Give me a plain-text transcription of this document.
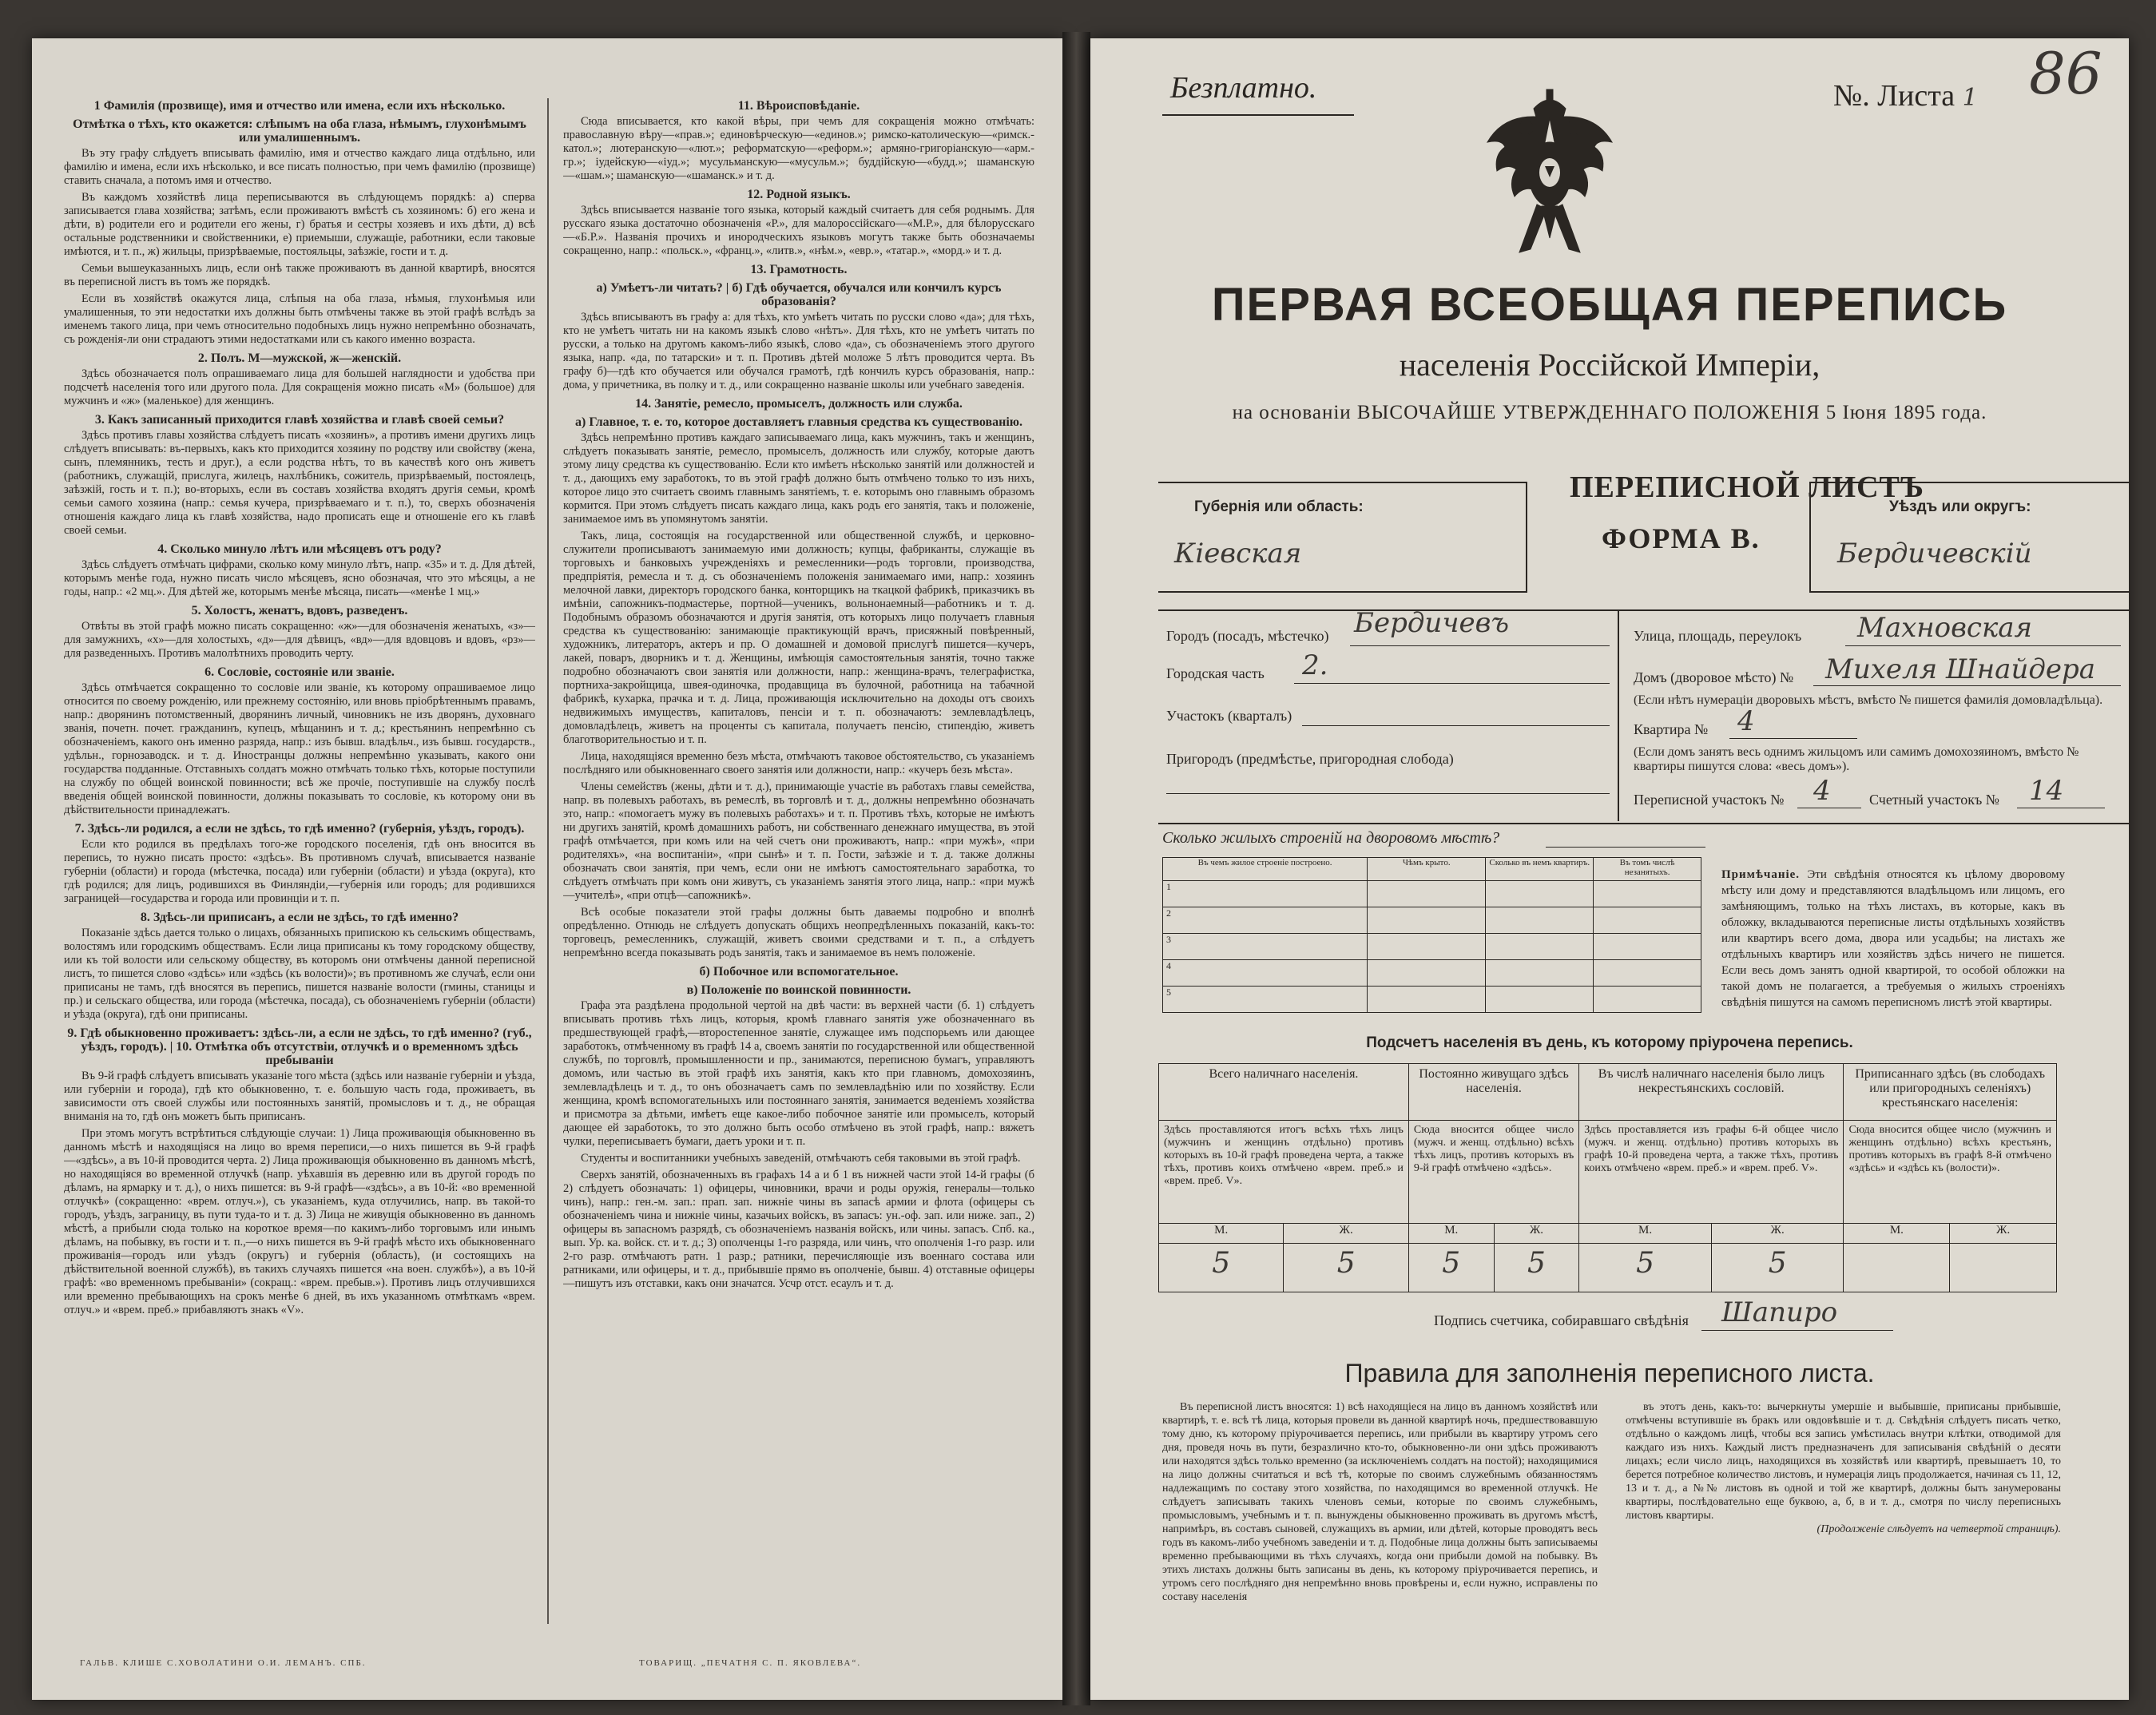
1 Фамилія (прозвище), имя и отчество или имена, если ихъ нѣсколько.
Отмѣтка о тѣхъ, кто окажется: слѣпымъ на оба глаза, нѣмымъ, глухонѣмымъ или умалишеннымъ.

Въ эту графу слѣдуетъ вписывать фамилію, имя и отчество каждаго лица отдѣльно, или фамилію и имена, если ихъ нѣсколько, и все писать полностью, при чемъ фамилію (прозвище) ставить сначала, а потомъ имя и отчество.

Въ каждомъ хозяйствѣ лица переписываются въ слѣдующемъ порядкѣ: а) сперва записывается глава хозяйства; затѣмъ, если проживаютъ вмѣстѣ съ хозяиномъ: б) его жена и дѣти, в) родители его и родители его жены, г) братья и сестры хозяевъ и ихъ дѣти, д) всѣ остальные родственники и свойственники, е) приемыши, служащіе, работники, если таковые имѣются, и т. п., ж) жильцы, призрѣваемые, постояльцы, заѣзжіе, гости и т. д.

Семьи вышеуказанныхъ лицъ, если онѣ также проживаютъ въ данной квартирѣ, вносятся въ переписной листъ въ томъ же порядкѣ.

Если въ хозяйствѣ окажутся лица, слѣпыя на оба глаза, нѣмыя, глухонѣмыя или умалишенныя, то эти недостатки ихъ должны быть отмѣчены также въ этой графѣ вслѣдъ за именемъ такого лица, при чемъ относительно подобныхъ лицъ нужно непремѣнно обозначать, съ рожденія-ли они страдаютъ этими недостатками или съ какого именно возраста.

2. Полъ. М—мужской, ж—женскій.

Здѣсь обозначается полъ опрашиваемаго лица для большей наглядности и удобства при подсчетѣ населенія того или другого пола. Для сокращенія можно писать «М» (большое) для мужчинъ и «ж» (маленькое) для женщинъ.

3. Какъ записанный приходится главѣ хозяйства и главѣ своей семьи?

Здѣсь противъ главы хозяйства слѣдуетъ писать «хозяинъ», а противъ имени другихъ лицъ слѣдуетъ вписывать: въ-первыхъ, какъ кто приходится хозяину по родству или свойству (жена, сынъ, племянникъ, тесть и друг.), а если родства нѣтъ, то въ качествѣ кого онъ живетъ (работникъ, служащій, прислуга, жилецъ, нахлѣбникъ, сожитель, призрѣваемый, постоялецъ, заѣзжій, гость и т. п.); во-вторыхъ, если въ составъ хозяйства входятъ другія семьи, кромѣ семьи самого хозяина (напр.: семья кучера, призрѣваемаго и т. п.), то, сверхъ обозначенія отношенія каждаго лица къ главѣ хозяйства, надо прописать еще и отношеніе его къ главѣ своей семьи.

4. Сколько минуло лѣтъ или мѣсяцевъ отъ роду?

Здѣсь слѣдуетъ отмѣчать цифрами, сколько кому минуло лѣтъ, напр. «35» и т. д. Для дѣтей, которымъ менѣе года, нужно писать число мѣсяцевъ, ясно обозначая, что это мѣсяцы, а не годы, напр.: «2 мц.». Для дѣтей же, которымъ менѣе мѣсяца, писать—«менѣе 1 мц.»

5. Холостъ, женатъ, вдовъ, разведенъ.

Отвѣты въ этой графѣ можно писать сокращенно: «ж»—для обозначенія женатыхъ, «з»—для замужнихъ, «х»—для холостыхъ, «д»—для дѣвицъ, «вд»—для вдовцовъ и вдовъ, «рз»—для разведенныхъ. Противъ малолѣтнихъ проводить черту.

6. Сословіе, состояніе или званіе.

Здѣсь отмѣчается сокращенно то сословіе или званіе, къ которому опрашиваемое лицо относится по своему рожденію, или прежнему состоянію, или вновь пріобрѣтеннымъ правамъ, напр.: дворянинъ потомственный, дворянинъ личный, чиновникъ не изъ дворянъ, духовнаго званія, почетн. почет. гражданинъ, купецъ, мѣщанинъ и т. д.; крестьянинъ непремѣнно съ обозначеніемъ, какого онъ именно разряда, напр.: изъ бывш. владѣльч., изъ бывш. государств., удѣльн., горнозаводск. и т. д. Иностранцы должны непремѣнно указывать, какого они государства подданные. Отставныхъ солдатъ можно отмѣчать только тѣхъ, которые поступили на службу по общей воинской повинности; всѣ же прочіе, поступившіе на службу послѣ введенія общей воинской повинности, должны показывать то сословіе, къ которому они въ дѣйствительности принадлежатъ.

7. Здѣсь-ли родился, а если не здѣсь, то гдѣ именно? (губернія, уѣздъ, городъ).

Если кто родился въ предѣлахъ того-же городского поселенія, гдѣ онъ вносится въ перепись, то нужно писать просто: «здѣсь». Въ противномъ случаѣ, вписывается названіе губерніи (области) и города (мѣстечка, посада) или губерніи (области) и уѣзда (округа), кто гдѣ родился; для лицъ, родившихся въ Финляндіи,—губернія или городъ; для родившихся заграницей—государства и города или провинціи и т. п.

8. Здѣсь-ли приписанъ, а если не здѣсь, то гдѣ именно?

Показаніе здѣсь дается только о лицахъ, обязанныхъ припискою къ сельскимъ обществамъ, волостямъ или городскимъ обществамъ. Если лица приписаны къ тому городскому обществу, или къ той волости или сельскому обществу, въ которомъ они отмѣчены данной переписной листъ, то пишется слово «здѣсь» или «здѣсь (къ волости)»; въ противномъ же случаѣ, если они приписаны не тамъ, гдѣ вносятся въ перепись, пишется названіе волости (гмины, станицы и пр.) и сельскаго общества, или города (мѣстечка, посада), съ обозначеніемъ губерніи (области) и уѣзда (округа), гдѣ они приписаны.

9. Гдѣ обыкновенно проживаетъ: здѣсь-ли, а если не здѣсь, то гдѣ именно? (губ., уѣздъ, городъ). | 10. Отмѣтка объ отсутствіи, отлучкѣ и о временномъ здѣсь пребываніи

Въ 9-й графѣ слѣдуетъ вписывать указаніе того мѣста (здѣсь или названіе губерніи и уѣзда, или губерніи и города), гдѣ кто обыкновенно, т. е. большую часть года, проживаетъ, въ зависимости отъ своей службы или постоянныхъ занятій, промысловъ и т. д., не обращая вниманія на то, гдѣ онъ можетъ быть приписанъ.

При этомъ могутъ встрѣтиться слѣдующіе случаи: 1) Лица проживающія обыкновенно въ данномъ мѣстѣ и находящіяся на лицо во время переписи,—о нихъ пишется въ 9-й графѣ—«здѣсь», а въ 10-й проводится черта. 2) Лица проживающія обыкновенно въ данномъ мѣстѣ, но находящіяся во временной отлучкѣ (напр. уѣхавшія въ деревню или въ другой городъ по дѣламъ, на ярмарку и т. д.), о нихъ пишется: въ 9-й графѣ—«здѣсь», а въ 10-й: «во временной отлучкѣ» (сокращенно: «врем. отлуч.»), съ указаніемъ, куда отлучились, напр. въ такой-то городъ, уѣздъ, заграницу, въ пути туда-то и т. д. 3) Лица не живущія обыкновенно въ данномъ мѣстѣ, а прибыли сюда только на короткое время—по какимъ-либо торговымъ или инымъ дѣламъ, на побывку, въ гости и т. п.,—о нихъ пишется въ 9-й графѣ мѣсто ихъ обыкновеннаго проживанія—городъ или уѣздъ (округъ) и губернія (область), (и состоящихъ на дѣйствительной военной службѣ), въ такихъ случаяхъ пишется «на воен. службѣ»), а въ 10-й графѣ: «во временномъ пребываніи» (сокращ.: «врем. пребыв.»). Противъ лицъ отлучившихся или временно пребывающихъ на срокъ менѣе 6 дней, въ ихъ указанномъ отмѣткамъ «врем. отлуч.» и «врем. преб.» прибавляютъ знакъ «V».

11. Вѣроисповѣданіе.

Сюда вписывается, кто какой вѣры, при чемъ для сокращенія можно отмѣчать: православную вѣру—«прав.»; единовѣрческую—«единов.»; римско-католическую—«римск.-катол.»; лютеранскую—«лют.»; реформатскую—«реформ.»; армяно-григоріанскую—«арм.-гр.»; іудейскую—«іуд.»; мусульманскую—«мусульм.»; буддійскую—«будд.»; шаманскую—«шам.»; шаманскую—«шаманск.» и т. д.

12. Родной языкъ.

Здѣсь вписывается названіе того языка, который каждый считаетъ для себя роднымъ. Для русскаго языка достаточно обозначенія «Р.», для малороссійскаго—«М.Р.», для бѣлорусскаго—«Б.Р.». Названія прочихъ и инородческихъ языковъ могутъ также быть обозначаемы сокращенно, напр.: «польск.», «франц.», «литв.», «нѣм.», «евр.», «татар.», «морд.» и т. д.

13. Грамотность.
а) Умѣетъ-ли читать? | б) Гдѣ обучается, обучался или кончилъ курсъ образованія?

Здѣсь вписываютъ въ графу а: для тѣхъ, кто умѣетъ читать по русски слово «да»; для тѣхъ, кто не умѣетъ читать ни на какомъ языкѣ слово «нѣтъ». Для тѣхъ, кто не умѣетъ читать по русски, а только на другомъ какомъ-либо языкѣ, слово «да», съ обозначеніемъ этого другого языка, напр. «да, по татарски» и т. п. Противъ дѣтей моложе 5 лѣтъ проводится черта. Въ графу б)—гдѣ кто обучается или обучался грамотѣ, гдѣ кончилъ курсъ образованія, напр.: дома, у причетника, въ полку и т. д., или сокращенно названіе школы или учебнаго заведенія.

14. Занятіе, ремесло, промыселъ, должность или служба.
а) Главное, т. е. то, которое доставляетъ главныя средства къ существованію.

Здѣсь непремѣнно противъ каждаго записываемаго лица, какъ мужчинъ, такъ и женщинъ, слѣдуетъ показывать занятіе, ремесло, промыселъ, должность или службу, которые даютъ этому лицу средства къ существованію. Если кто имѣетъ нѣсколько занятій или должностей и т. д., дающихъ ему заработокъ, то въ этой графѣ должно быть отмѣчено только то изъ нихъ, которое лицо это считаетъ своимъ главнымъ занятіемъ, т. е. которымъ оно главнымъ образомъ кормится. При этомъ слѣдуетъ писать каждаго лица, какъ родъ его занятія, такъ и положеніе, занимаемое имъ въ упомянутомъ занятіи.

Такъ, лица, состоящія на государственной или общественной службѣ, и церковно-служители прописываютъ занимаемую ими должность; купцы, фабриканты, служащіе въ торговыхъ и банковыхъ учрежденіяхъ и ремесленники—родъ торговли, производства, предпріятія, ремесла и т. д. съ обозначеніемъ положенія занимаемаго ими, напр.: хозяинъ мелочной лавки, директоръ городского банка, конторщикъ на ткацкой фабрикѣ, приказчикъ въ имѣніи, сапожникъ-подмастерье, портной—ученикъ, вольнонаемный—работникъ и т. д. Подобнымъ образомъ обозначаются и другія занятія, отъ которыхъ лицо получаетъ главныя средства къ существованію: занимающіе практикующій врачъ, присяжный повѣренный, художникъ, литераторъ, актеръ и пр. О домашней и домовой прислугѣ пишется—кучеръ, лакей, поваръ, дворникъ и т. д. Женщины, имѣющія самостоятельныя занятія, точно также подробно обозначаютъ свои занятія или должности, напр.: женщина-врачъ, телеграфистка, портниха-закройщица, швея-одиночка, продавщица въ булочной, работница на табачной фабрикѣ, кухарка, прачка и т. д. Лица, проживающія исключительно на доходы отъ своихъ недвижимыхъ имуществъ, капиталовъ, пенсіи и т. п. обозначаютъ: землевладѣлецъ, домовладѣлецъ, живетъ на проценты съ капитала, получаетъ пенсію, стипендію, живетъ благотворительностью и т. п.

Лица, находящіяся временно безъ мѣста, отмѣчаютъ таковое обстоятельство, съ указаніемъ послѣдняго или обыкновеннаго своего занятія или должности, напр.: «кучеръ безъ мѣста».

Члены семействъ (жены, дѣти и т. д.), принимающіе участіе въ работахъ главы семейства, напр. въ полевыхъ работахъ, въ ремеслѣ, въ торговлѣ и т. д., должны непремѣнно обозначать это, напр.: «помогаетъ мужу въ полевыхъ работахъ» и т. п. Противъ тѣхъ, которые не имѣютъ ни другихъ занятій, кромѣ домашнихъ работъ, ни собственнаго денежнаго имущества, въ этой графѣ отмѣчается, при комъ или на чей счетъ они проживаютъ, напр.: «при мужѣ», «при родителяхъ», «на воспитаніи», «при сынѣ» и т. п. Гости, заѣзжіе и т. д. также должны обозначать свои занятія, при чемъ, если они не имѣютъ самостоятельнаго заработка, то слѣдуетъ отмѣчать при комъ они живутъ, съ указаніемъ занятія этого лица, напр.: «при мужѣ—учителѣ», «при отцѣ—сапожникѣ».

Всѣ особые показатели этой графы должны быть даваемы подробно и вполнѣ опредѣленно. Отнюдь не слѣдуетъ допускать общихъ неопредѣленныхъ показаній, какъ-то: торговецъ, ремесленникъ, служащій, живетъ своими средствами и т. п., а слѣдуетъ непремѣнно всегда показывать родъ занятія, такъ и занимаемое въ немъ положеніе.

б) Побочное или вспомогательное.
в) Положеніе по воинской повинности.

Графа эта раздѣлена продольной чертой на двѣ части: въ верхней части (б. 1) слѣдуетъ вписывать противъ тѣхъ лицъ, которыя, кромѣ главнаго занятія уже обозначеннаго въ предшествующей графѣ,—второстепенное занятіе, служащее имъ подспорьемъ или дающее заработокъ, отмѣченному въ графѣ 14 а, своемъ занятіи по государственной или общественной службѣ, по торговлѣ, промышленности и пр., занимаются, переписною бумагъ, управляютъ домомъ, или частью въ этой графѣ ихъ занятія, какъ кто при главномъ, домохозяинъ, землевладѣлецъ и т. д., то онъ обозначаетъ самъ по землевладѣнію или по хозяйству. Если женщина, кромѣ вспомогательныхъ или постояннаго занятія, занимается веденіемъ хозяйства и присмотра за дѣтьми, имѣетъ еще какое-либо побочное занятіе или промыселъ, который дающее ей заработокъ, то это должно быть особо отмѣчено въ этой графѣ, напр.: вяжетъ чулки, переписываетъ бумаги, даетъ уроки и т. п.

Студенты и воспитанники учебныхъ заведеній, отмѣчаютъ себя таковыми въ этой графѣ.

Сверхъ занятій, обозначенныхъ въ графахъ 14 а и б 1 въ нижней части этой 14-й графы (б 2) слѣдуетъ обозначать: 1) офицеры, чиновники, врачи и роды оружія, генералы—только чинъ), напр.: ген.-м. зап.: прап. зап. нижніе чины въ запасѣ армии и флота (офицеры съ обозначеніемъ чина и нижніе чины, казачьих войскъ, въ запасъ: ун.-оф. зап. или ниже. зап., 2) офицеры въ запасномъ разрядѣ, съ обозначеніемъ названія войскъ, или чины. запасъ. Спб. ка., вып. Ур. ка. войск. ст. и т. д.; 3) ополченцы 1-го разряда, или чинъ, что ополченія 1-го разр. или 2-го разр. отмѣчаютъ ратн. 1 разр.; ратники, перечисляющіе изъ военнаго состава или ратниками, или офицеры, и т. д., прибывшіе прямо въ ополченіе, бывш. 4) отставные офицеры—пишутъ изъ отставки, какъ они значатся. Усчр отст. есаулъ и т. д.

ГАЛЬВ. КЛИШЕ С.ХОВОЛАТИНИ О.И. ЛЕМАНЪ. СПБ.	ТОВАРИЩ. „ПЕЧАТНЯ С. П. ЯКОВЛЕВА“.
Безплатно.	№. Листа 1 86
ПЕРВАЯ ВСЕОБЩАЯ ПЕРЕПИСЬ
населенія Россійской Имперіи,
на основаніи ВЫСОЧАЙШЕ УТВЕРЖДЕННАГО ПОЛОЖЕНІЯ 5 Іюня 1895 года.
Губернія или область:
Кіевская
ПЕРЕПИСНОЙ ЛИСТЪ
ФОРМА В.
Уѣздъ или округъ:
Бердичевскій
Городъ (посадъ, мѣстечко) Бердичевъ
Городская часть 2.
Участокъ (кварталъ)
Пригородъ (предмѣстье, пригородная слобода)
Улица, площадь, переулокъ Махновская
Домъ (дворовое мѣсто) № Михеля Шнайдера
(Если нѣтъ нумераціи дворовыхъ мѣстъ, вмѣсто № пишется фамилія домовладѣльца).
Квартира № 4
(Если домъ занятъ весь однимъ жильцомъ или самимъ домохозяиномъ, вмѣсто № квартиры пишутся слова: «весь домъ»).
Переписной участокъ № 4	Счетный участокъ № 14
Сколько жилыхъ строеній на дворовомъ мѣстѣ?
Въ чемъ жилое строеніе построено.	Чѣмъ крыто.	Сколько въ немъ квартиръ.	Въ томъ числѣ незанятыхъ.
1			
2			
3			
4			
5			
Примѣчаніе. Эти свѣдѣнія относятся къ цѣлому дворовому мѣсту или дому и представляются владѣльцомъ или лицомъ, его замѣняющимъ, только на тѣхъ листахъ, въ которые, какъ въ обложку, вкладываются переписные листы отдѣльныхъ хозяйствъ или квартиръ всего дома, двора или усадьбы; на листахъ же отдѣльныхъ квартиръ или хозяйствъ здѣсь ничего не пишется. Если весь домъ занятъ одной квартирой, то особой обложки на такой домъ не полагается, а требуемыя о жилыхъ строеніяхъ свѣдѣнія пишутся на самомъ переписномъ листѣ этой квартиры.
Подсчетъ населенія въ день, къ которому пріурочена перепись.
Всего наличнаго населенія.		Постоянно живущаго здѣсь населенія.		Въ числѣ наличнаго населенія было лицъ некрестьянскихъ сословій.		Приписаннаго здѣсь (въ слободахъ или пригородныхъ селеніяхъ) крестьянскаго населенія:	
Здѣсь проставляются итогъ всѣхъ тѣхъ лицъ (мужчинъ и женщинъ отдѣльно) противъ которыхъ въ 10-й графѣ проведена черта, а также тѣхъ, противъ коихъ отмѣчено «врем. преб.» и «врем. преб. V».		Сюда вносится общее число (мужч. и женщ. отдѣльно) всѣхъ тѣхъ лицъ, противъ которыхъ въ 9-й графѣ отмѣчено «здѣсь».		Здѣсь проставляется изъ графы 6-й общее число (мужч. и женщ. отдѣльно) противъ которыхъ въ графѣ 10-й проведена черта, а также тѣхъ, противъ коихъ отмѣчено «врем. преб.» и «врем. преб. V».		Сюда вносится общее число (мужчинъ и женщинъ отдѣльно) всѣхъ крестьянъ, противъ которыхъ въ графѣ 8-й отмѣчено «здѣсь» и «здѣсь къ (волости)».	
М.	Ж.	М.	Ж.	М.	Ж.	М.	Ж.
5	5	5	5	5	5		
Подпись счетчика, собиравшаго свѣдѣнія Шапиро
Правила для заполненія переписного листа.

Въ переписной листъ вносятся: 1) всѣ находящіеся на лицо въ данномъ хозяйствѣ или квартирѣ, т. е. всѣ тѣ лица, которыя провели въ данной квартирѣ ночь, предшествовавшую тому дню, къ которому пріурочивается перепись, или прибыли въ квартиру утромъ сего дня, проведя ночь въ пути, безразлично кто-то, обыкновенно-ли они здѣсь проживаютъ или находятся здѣсь только временно (за исключеніемъ солдатъ на постой); находящимися на лицо должны считаться и всѣ тѣ, которые по своимъ служебнымъ обязанностямъ надлежащимъ по составу этого хозяйства, по находящимся во временной отлучкѣ. Не слѣдуетъ записывать такихъ членовъ семьи, которые по своимъ служебнымъ, промысловымъ, учебнымъ и т. п. вынуждены обыкновенно проживать въ другомъ мѣстѣ, напримѣръ, въ составъ сыновей, служащихъ въ армии, или дѣтей, которые проводятъ весь годъ въ какомъ-либо учебномъ заведеніи и т. д. Подобные лица должны быть записываемы временно пребывающими въ тѣхъ случаяхъ, когда они прибыли домой на побывку. Въ этихъ листахъ должны быть записаны въ день, къ которому пріурочивается перепись, и утромъ сего послѣдняго дня непремѣнно вновь провѣрены и, если нужно, исправлены по составу населенія

въ этотъ день, какъ-то: вычеркнуты умершіе и выбывшіе, приписаны прибывшіе, отмѣчены вступившіе въ бракъ или овдовѣвшіе и т. д. Свѣдѣнія слѣдуетъ писать четко, отдѣльно о каждомъ лицѣ, чтобы вся запись умѣстилась внутри клѣтки, отводимой для каждаго изъ нихъ. Каждый листъ предназначенъ для записыванія свѣдѣній о десяти лицахъ; если число лицъ, находящихся въ хозяйствѣ или квартирѣ, превышаетъ 10, то берется потребное количество листовъ, и нумерація лицъ продолжается, начиная съ 11, 12, 13 и т. д., а №№ листовъ въ одной и той же квартирѣ, должны быть занумерованы квартиры, послѣдовательно еще буквою, а, б, в и т. д., смотря по числу переписныхъ листовъ квартиры.

(Продолженіе слѣдуетъ на четвертой страницѣ).
